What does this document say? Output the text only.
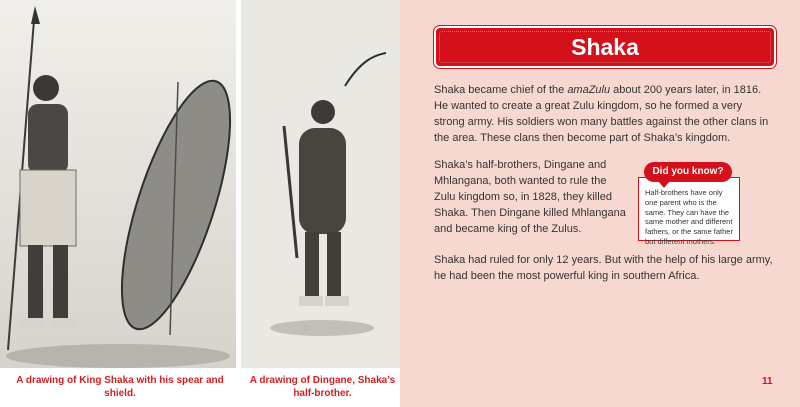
A drawing of King Shaka with his spear and shield.
A drawing of Dingane, Shaka’s half-brother.
Shaka
Shaka became chief of the amaZulu about 200 years later, in 1816. He wanted to create a great Zulu kingdom, so he formed a very strong army. His soldiers won many battles against the other clans in the area. These clans then become part of Shaka’s kingdom.
Shaka’s half-brothers, Dingane and Mhlangana, both wanted to rule the Zulu kingdom so, in 1828, they killed Shaka. Then Dingane killed Mhlangana and became king of the Zulus.
Half-brothers have only one parent who is the same. They can have the same mother and different fathers, or the same father but different mothers.
Did you know?
Shaka had ruled for only 12 years. But with the help of his large army, he had been the most powerful king in southern Africa.
11
